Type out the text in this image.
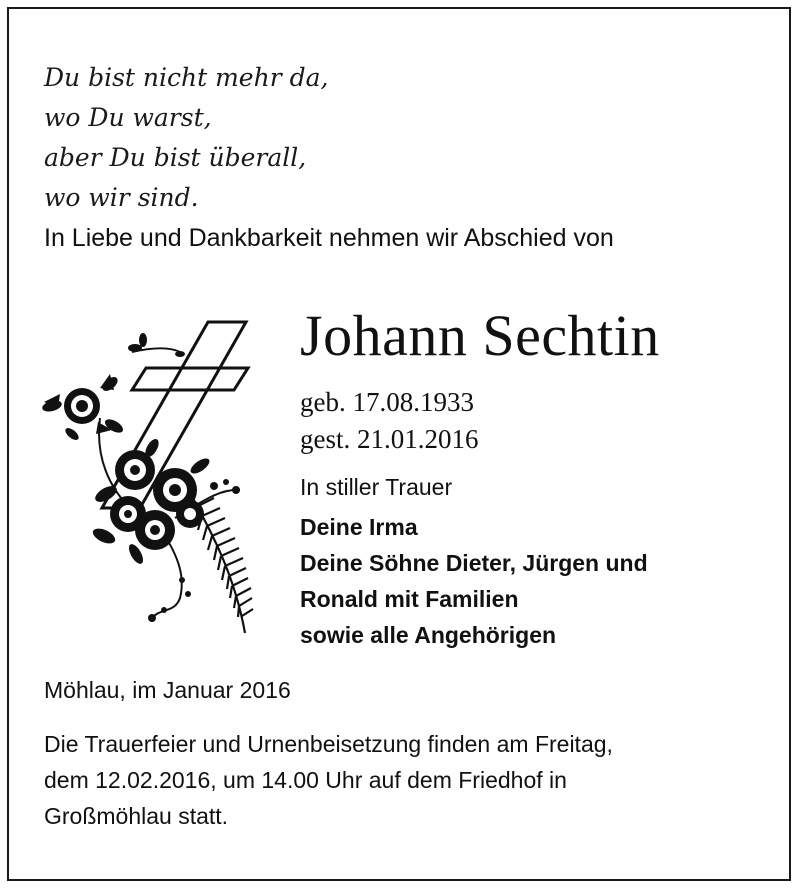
Du bist nicht mehr da,
wo Du warst,
aber Du bist überall,
wo wir sind.
In Liebe und Dankbarkeit nehmen wir Abschied von
Johann Sechtin
geb. 17.08.1933
gest. 21.01.2016
In stiller Trauer
Deine Irma
Deine Söhne Dieter, Jürgen und
Ronald mit Familien
sowie alle Angehörigen
Möhlau, im Januar 2016
Die Trauerfeier und Urnenbeisetzung finden am Freitag,
dem 12.02.2016, um 14.00 Uhr auf dem Friedhof in
Großmöhlau statt.
